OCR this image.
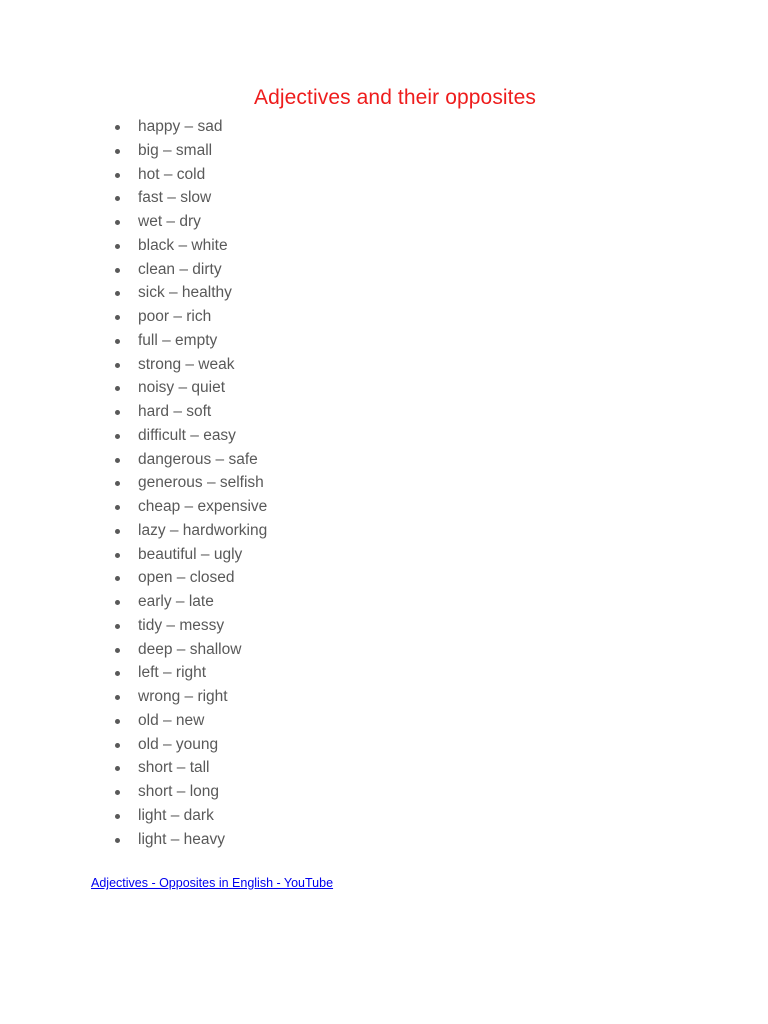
Adjectives and their opposites
happy – sad
big – small
hot – cold
fast – slow
wet – dry
black – white
clean – dirty
sick – healthy
poor – rich
full – empty
strong – weak
noisy – quiet
hard – soft
difficult – easy
dangerous – safe
generous – selfish
cheap – expensive
lazy – hardworking
beautiful – ugly
open – closed
early – late
tidy – messy
deep – shallow
left – right
wrong – right
old – new
old – young
short – tall
short – long
light – dark
light – heavy
Adjectives - Opposites in English - YouTube
